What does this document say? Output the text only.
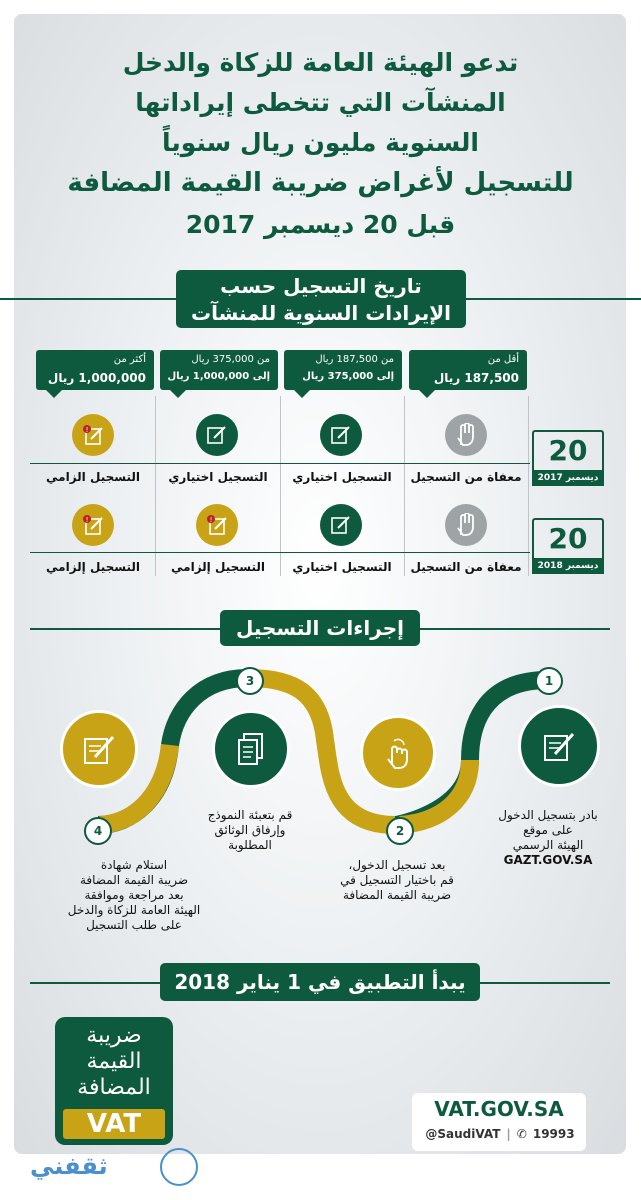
تدعو الهيئة العامة للزكاة والدخل
المنشآت التي تتخطى إيراداتها
السنوية مليون ريال سنوياً
للتسجيل لأغراض ضريبة القيمة المضافة
قبل 20 ديسمبر 2017
تاريخ التسجيل حسب
الإيرادات السنوية للمنشآت
أقل من
187,500 ريال
من 187,500 ريال
إلى 375,000 ريال
من 375,000 ريال
إلى 1,000,000 ريال
أكثر من
1,000,000 ريال
!
معفاة من التسجيل
التسجيل اختياري
التسجيل اختياري
التسجيل الزامي
20
ديسمبر 2017
!
!
معفاة من التسجيل
التسجيل اختياري
التسجيل إلزامي
التسجيل إلزامي
20
ديسمبر 2018
إجراءات التسجيل
1
2
3
4
بادر بتسجيل الدخول
على موقع
الهيئة الرسمي
GAZT.GOV.SA
بعد تسجيل الدخول،
قم باختيار التسجيل في
ضريبة القيمة المضافة
قم بتعبئة النموذج
وإرفاق الوثائق
المطلوبة
استلام شهادة
ضريبة القيمة المضافة
بعد مراجعة وموافقة
الهيئة العامة للزكاة والدخل
على طلب التسجيل
يبدأ التطبيق في 1 يناير 2018
ضريبة
القيمة
المضافة
VAT	VAT.GOV.SA
@SaudiVAT | ✆ 19993
ثقفني
